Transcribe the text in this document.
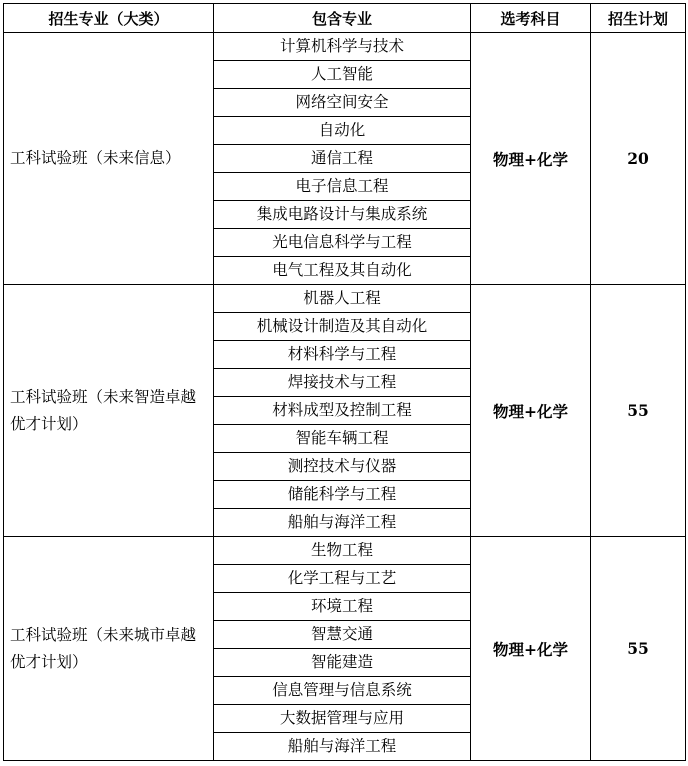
招生专业（大类）	包含专业	选考科目	招生计划

工科试验班（未来信息）	计算机科学与技术	物理+化学	20
	人工智能		
	网络空间安全		
	自动化		
	通信工程		
	电子信息工程		
	集成电路设计与集成系统		
	光电信息科学与工程		
	电气工程及其自动化		

工科试验班（未来智造卓越优才计划）	机器人工程	物理+化学	55
	机械设计制造及其自动化		
	材料科学与工程		
	焊接技术与工程		
	材料成型及控制工程		
	智能车辆工程		
	测控技术与仪器		
	储能科学与工程		
	船舶与海洋工程		

工科试验班（未来城市卓越优才计划）	生物工程	物理+化学	55
	化学工程与工艺		
	环境工程		
	智慧交通		
	智能建造		
	信息管理与信息系统		
	大数据管理与应用		
	船舶与海洋工程		
